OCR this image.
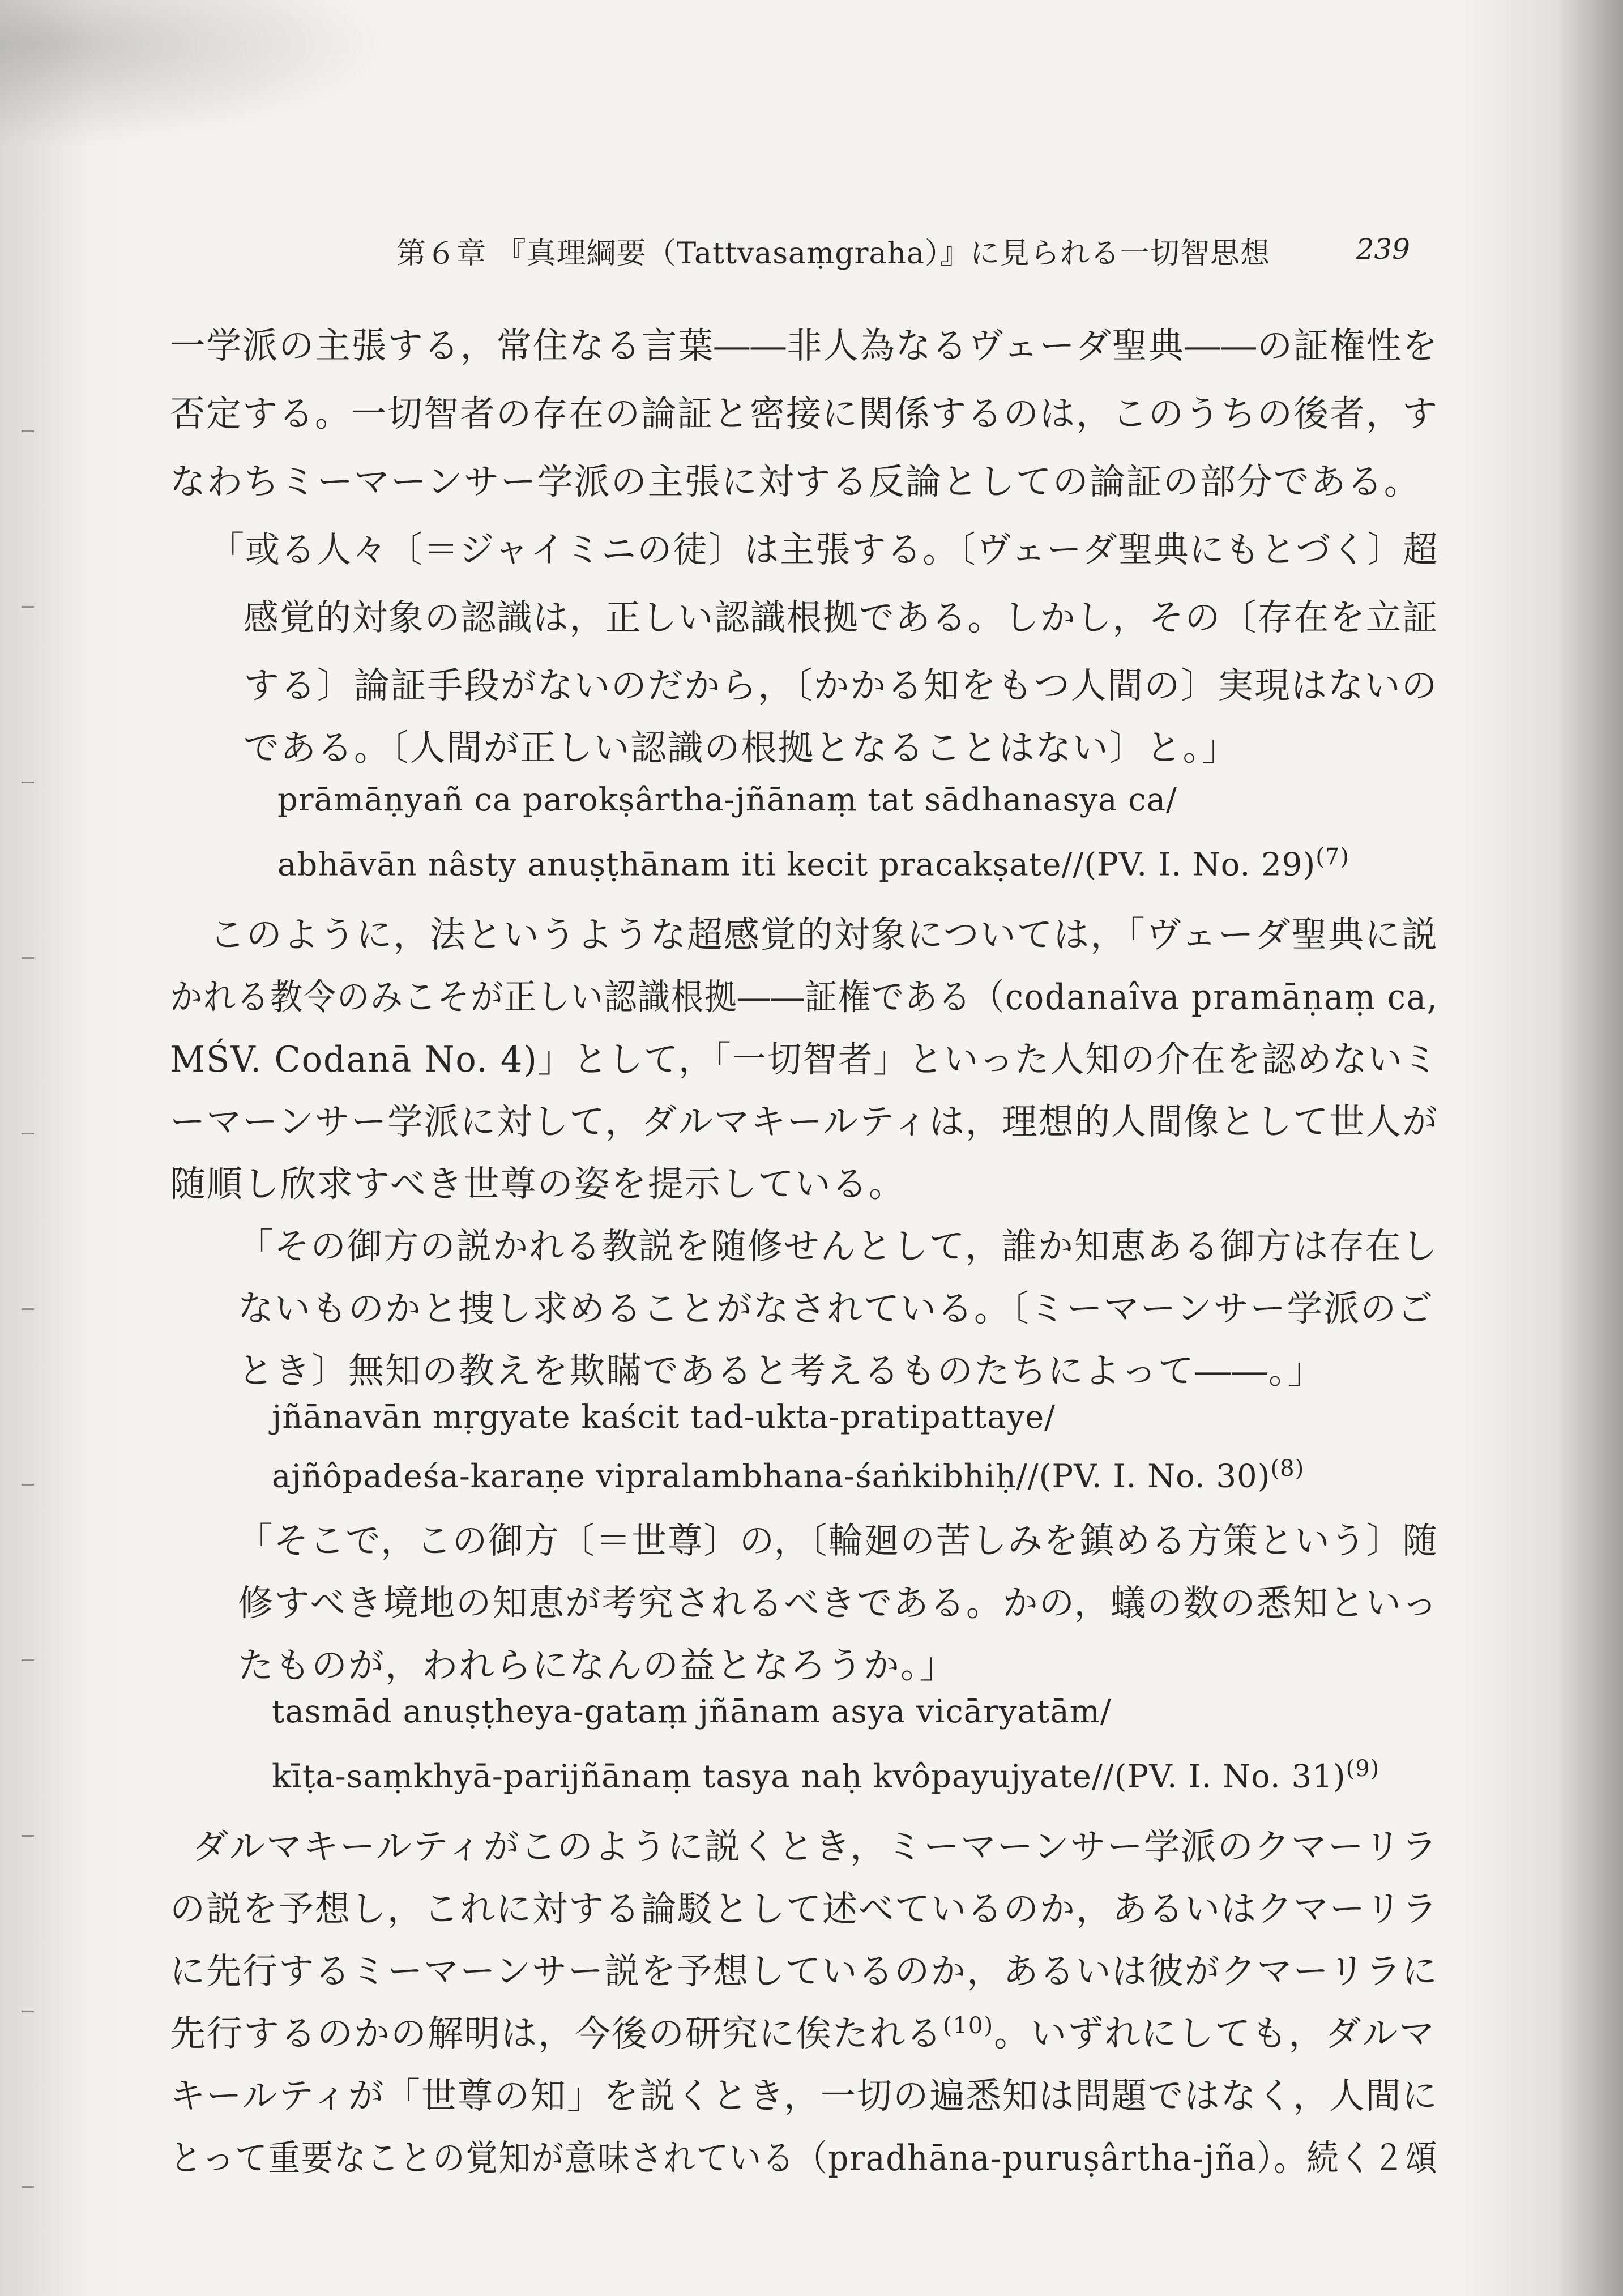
第６章 『真理綱要（Tattvasaṃgraha）』に見られる一切智思想	239
一学派の主張する，常住なる言葉――非人為なるヴェーダ聖典――の証権性を
否定する。一切智者の存在の論証と密接に関係するのは，このうちの後者，す
なわちミーマーンサー学派の主張に対する反論としての論証の部分である。
「或る人々〔＝ジャイミニの徒〕は主張する。〔ヴェーダ聖典にもとづく〕超
感覚的対象の認識は，正しい認識根拠である。しかし，その〔存在を立証
する〕論証手段がないのだから，〔かかる知をもつ人間の〕実現はないの
である。〔人間が正しい認識の根拠となることはない〕と。」
prāmāṇyañ ca parokṣârtha-jñānaṃ tat sādhanasya ca/
abhāvān nâsty anuṣṭhānam iti kecit pracakṣate//(PV. I. No. 29)$^{(7)}$
このように，法というような超感覚的対象については，「ヴェーダ聖典に説
かれる教令のみこそが正しい認識根拠――証権である（codanaîva pramāṇaṃ ca,
MŚV. Codanā No. 4)」として，「一切智者」といった人知の介在を認めないミ
ーマーンサー学派に対して，ダルマキールティは，理想的人間像として世人が
随順し欣求すべき世尊の姿を提示している。
「その御方の説かれる教説を随修せんとして，誰か知恵ある御方は存在し
ないものかと捜し求めることがなされている。〔ミーマーンサー学派のご
とき〕無知の教えを欺瞞であると考えるものたちによって――。」
jñānavān mṛgyate kaścit tad-ukta-pratipattaye/
ajñôpadeśa-karaṇe vipralambhana-śaṅkibhiḥ//(PV. I. No. 30)$^{(8)}$
「そこで，この御方〔＝世尊〕の，〔輪廻の苦しみを鎮める方策という〕随
修すべき境地の知恵が考究されるべきである。かの，蟻の数の悉知といっ
たものが，われらになんの益となろうか。」
tasmād anuṣṭheya-gataṃ jñānam asya vicāryatām/
kīṭa-saṃkhyā-parijñānaṃ tasya naḥ kvôpayujyate//(PV. I. No. 31)$^{(9)}$
ダルマキールティがこのように説くとき，ミーマーンサー学派のクマーリラ
の説を予想し，これに対する論駁として述べているのか，あるいはクマーリラ
に先行するミーマーンサー説を予想しているのか，あるいは彼がクマーリラに
先行するのかの解明は，今後の研究に俟たれる$^{(10)}$。いずれにしても，ダルマ
キールティが「世尊の知」を説くとき，一切の遍悉知は問題ではなく，人間に
とって重要なことの覚知が意味されている（pradhāna-puruṣârtha-jña）。続く２頌
